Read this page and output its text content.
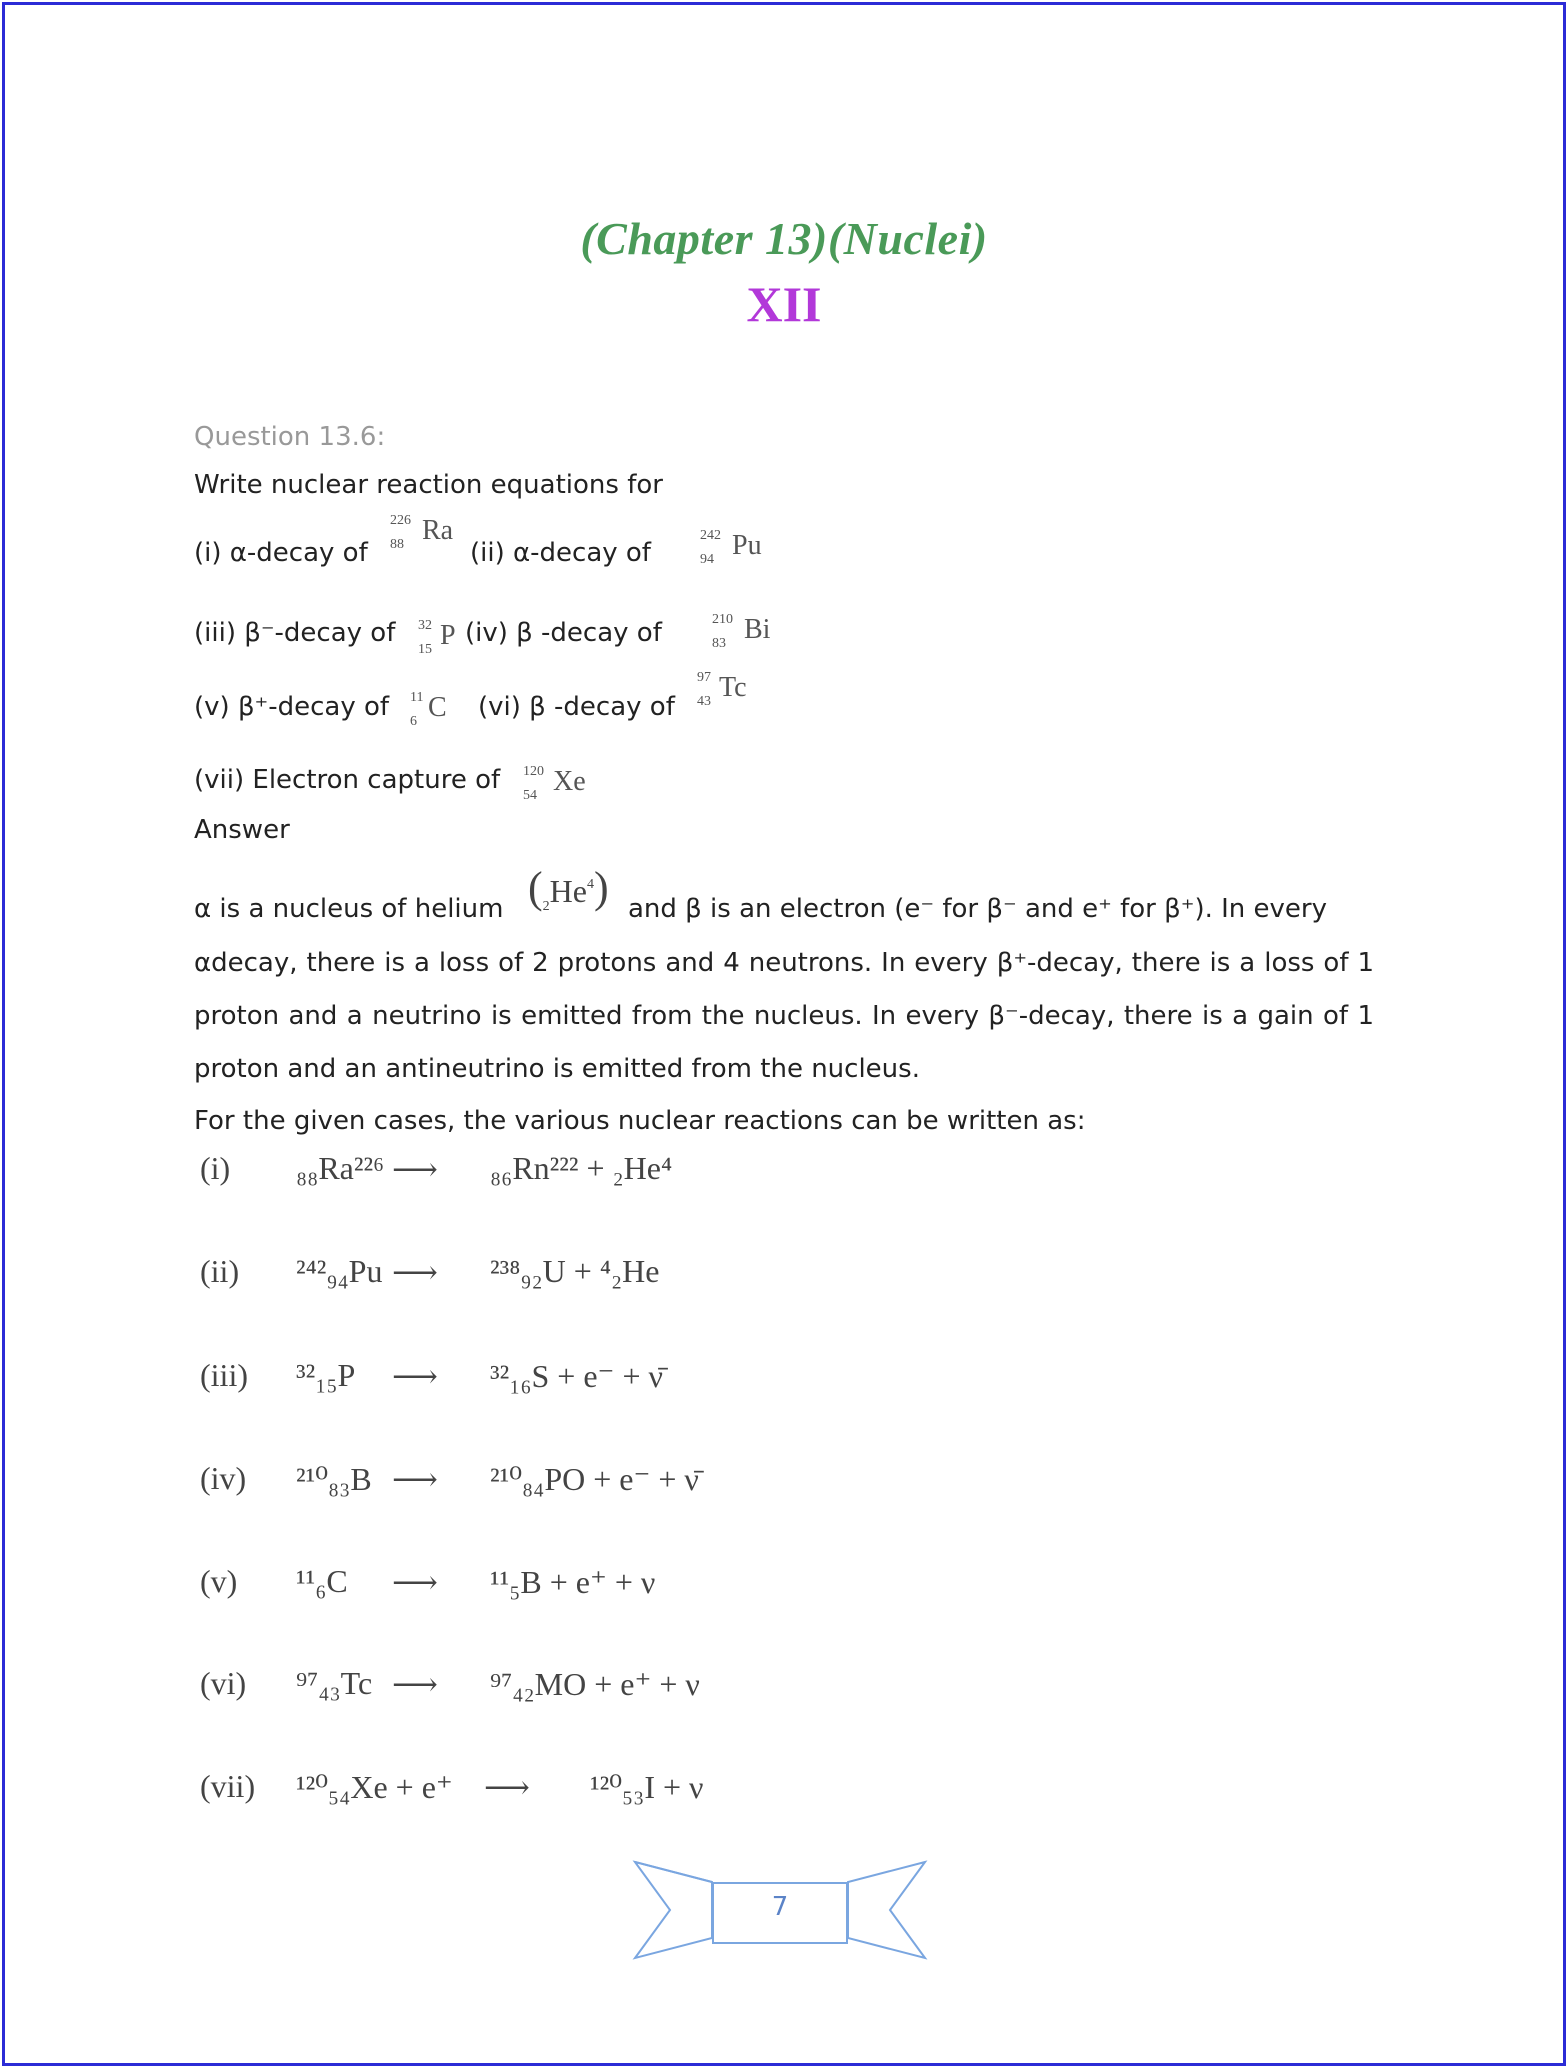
(Chapter 13)(Nuclei)
XII
Question 13.6:
Write nuclear reaction equations for
(i) α-decay of
226
88 Ra
(ii) α-decay of
242
94 Pu
(iii) β⁻-decay of 32
15 P (iv) β -decay of	210
83 Bi
(v) β⁺-decay of 11
6 C (vi) β -decay of
97
43 Tc
(vii) Electron capture of 120
54 Xe
Answer
α is a nucleus of helium $(_2He^4)$ and β is an electron (e⁻ for β⁻ and e⁺ for β⁺). In every
αdecay, there is a loss of 2 protons and 4 neutrons. In every β⁺-decay, there is a loss of 1 proton and a neutrino is emitted from the nucleus. In every β⁻-decay, there is a gain of 1 proton and an antineutrino is emitted from the nucleus.
For the given cases, the various nuclear reactions can be written as:
(i) ₈₈Ra²²⁶ ⟶ ₈₆Rn²²² + ₂He⁴
(ii) ²⁴²₉₄Pu ⟶ ²³⁸₉₂U + ⁴₂He
(iii) ³²₁₅P ⟶ ³²₁₆S + e⁻ + ν̄
(iv) ²¹⁰₈₃B ⟶ ²¹⁰₈₄PO + e⁻ + ν̄
(v) ¹¹₆C ⟶ ¹¹₅B + e⁺ + ν
(vi) ⁹⁷₄₃Tc ⟶ ⁹⁷₄₂MO + e⁺ + ν
(vii) ¹²⁰₅₄Xe + e⁺ ⟶ ¹²⁰₅₃I + ν
7
